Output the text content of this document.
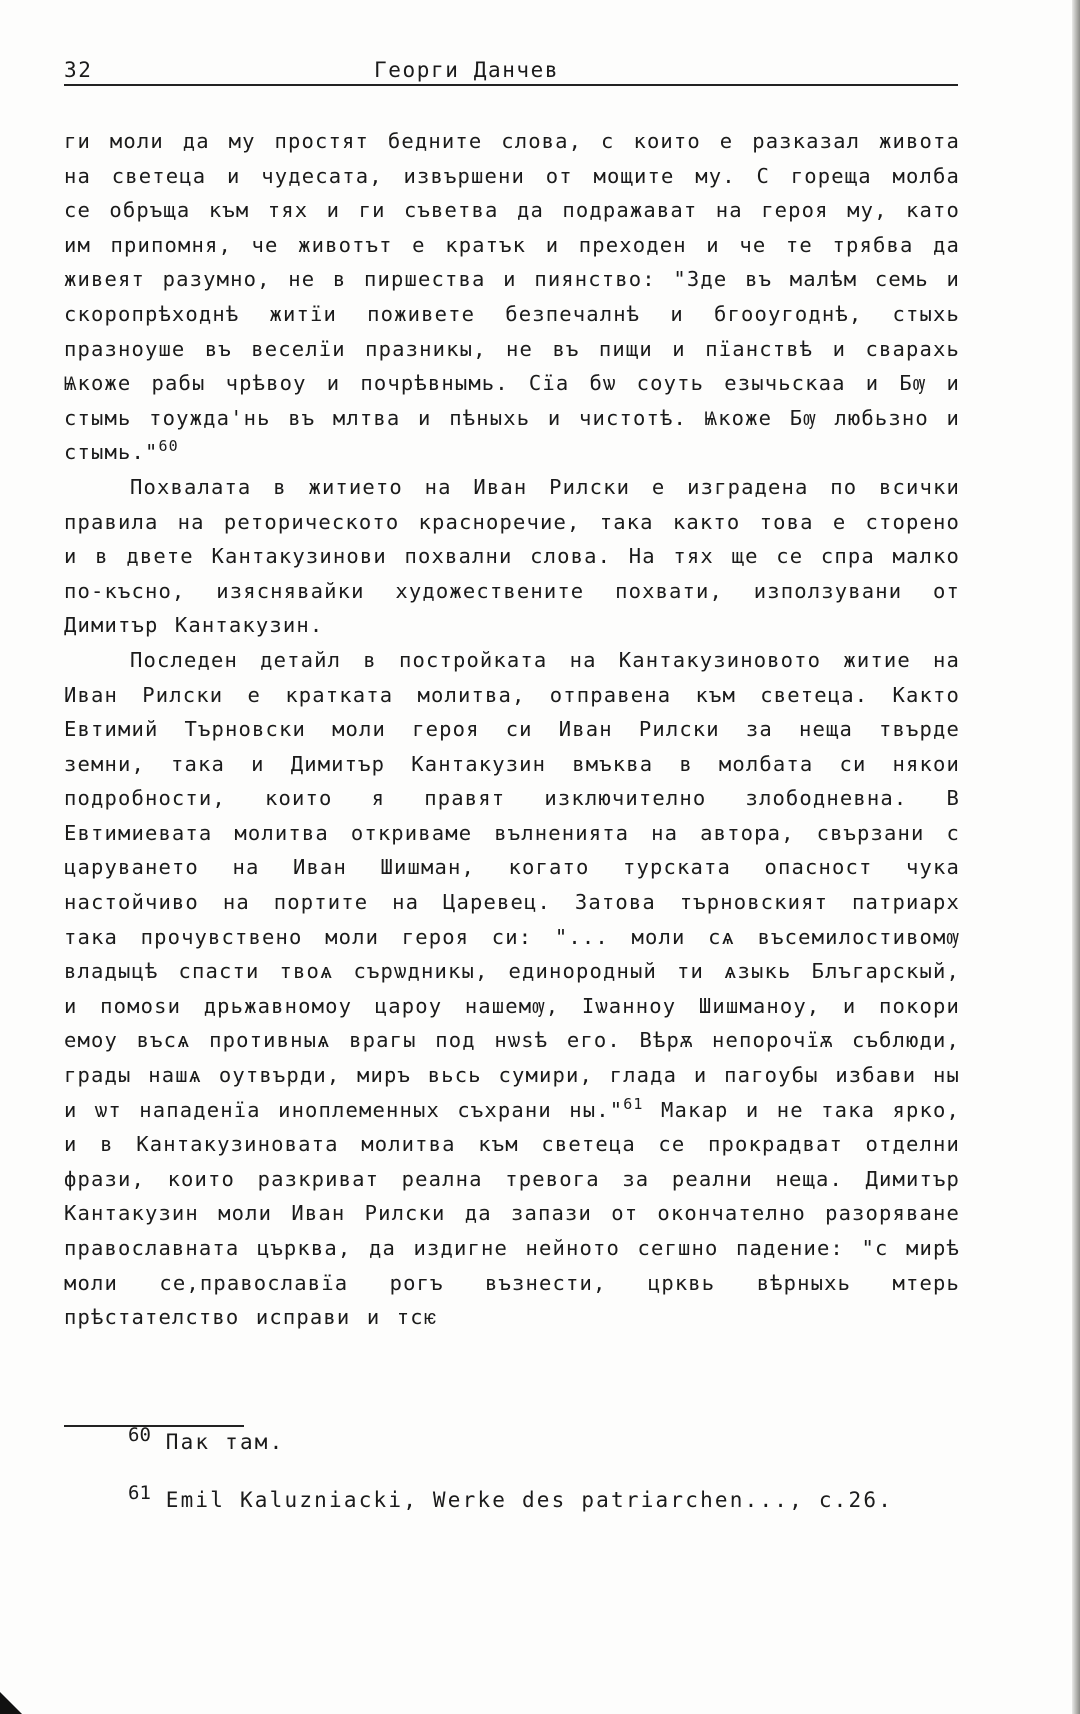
32	Георги Данчев

ги моли да му простят бедните слова, с които е разказал живота на светеца и чудесата, извършени от мощите му. С гореща молба се обръща към тях и ги съветва да подражават на героя му, като им припомня, че животът е кратък и преходен и че те трябва да живеят разумно, не в пиршества и пиянство: "Зде въ малѣм семь и скоропрѣходнѣ житїи поживете безпечалнѣ и бгооугоднѣ, стыхь празноуше въ веселїи празникы, не въ пищи и пїанствѣ и сварахь Ѩкоже рабы чрѣвоу и почрѣвнымь. Сїа бѡ соуть езычьскаа и Бѹ и стымь тоужда'нь въ млтва и пѣныхь и чистотѣ. Ѩкоже Бѹ любьзно и стымь."$^{60}$

Похвалата в житието на Иван Рилски е изградена по всички правила на реторическото красноречие, така както това е сторено и в двете Кантакузинови похвални слова. На тях ще се спра малко по-късно, изяснявайки художествените похвати, използувани от Димитър Кантакузин.

Последен детайл в постройката на Кантакузиновото житие на Иван Рилски е кратката молитва, отправена към светеца. Както Евтимий Търновски моли героя си Иван Рилски за неща твърде земни, така и Димитър Кантакузин вмъква в молбата си някои подробности, които я правят изключително злободневна. В Евтимиевата молитва откриваме вълненията на автора, свързани с царуването на Иван Шишман, когато турската опасност чука настойчиво на портите на Царевец. Затова търновският патриарх така прочувствено моли героя си: "... моли сѧ въсемилостивомѹ владыцѣ спасти твоѧ сърѡдникы, единородный ти ѧзыкь Блъгарскый, и помоѕи дрьжавномоу цароу нашемѹ, Іѡанноу Шишманоу, и покори емоу въсѧ противныѧ врагы под нѡѕѣ его. Вѣрѫ непорочїѫ съблюди, грады нашѧ оутвърди, миръ вьсь сумири, глада и пагоубы избави ны и ѡт нападенїа иноплеменных съхрани ны."$^{61}$ Макар и не така ярко, и в Кантакузиновата молитва към светеца се прокрадват отделни фрази, които разкриват реална тревога за реални неща. Димитър Кантакузин моли Иван Рилски да запази от окончателно разоряване православната църква, да издигне нейното сегшно падение: "с мирѣ моли се,православїа рогъ възнести, црквь вѣрныхь мтерь прѣстателство исправи и тсѥ

$^{60}$ Пак там.
$^{61}$ Emil Kaluzniacki, Werke des patriarchen..., с.26.
